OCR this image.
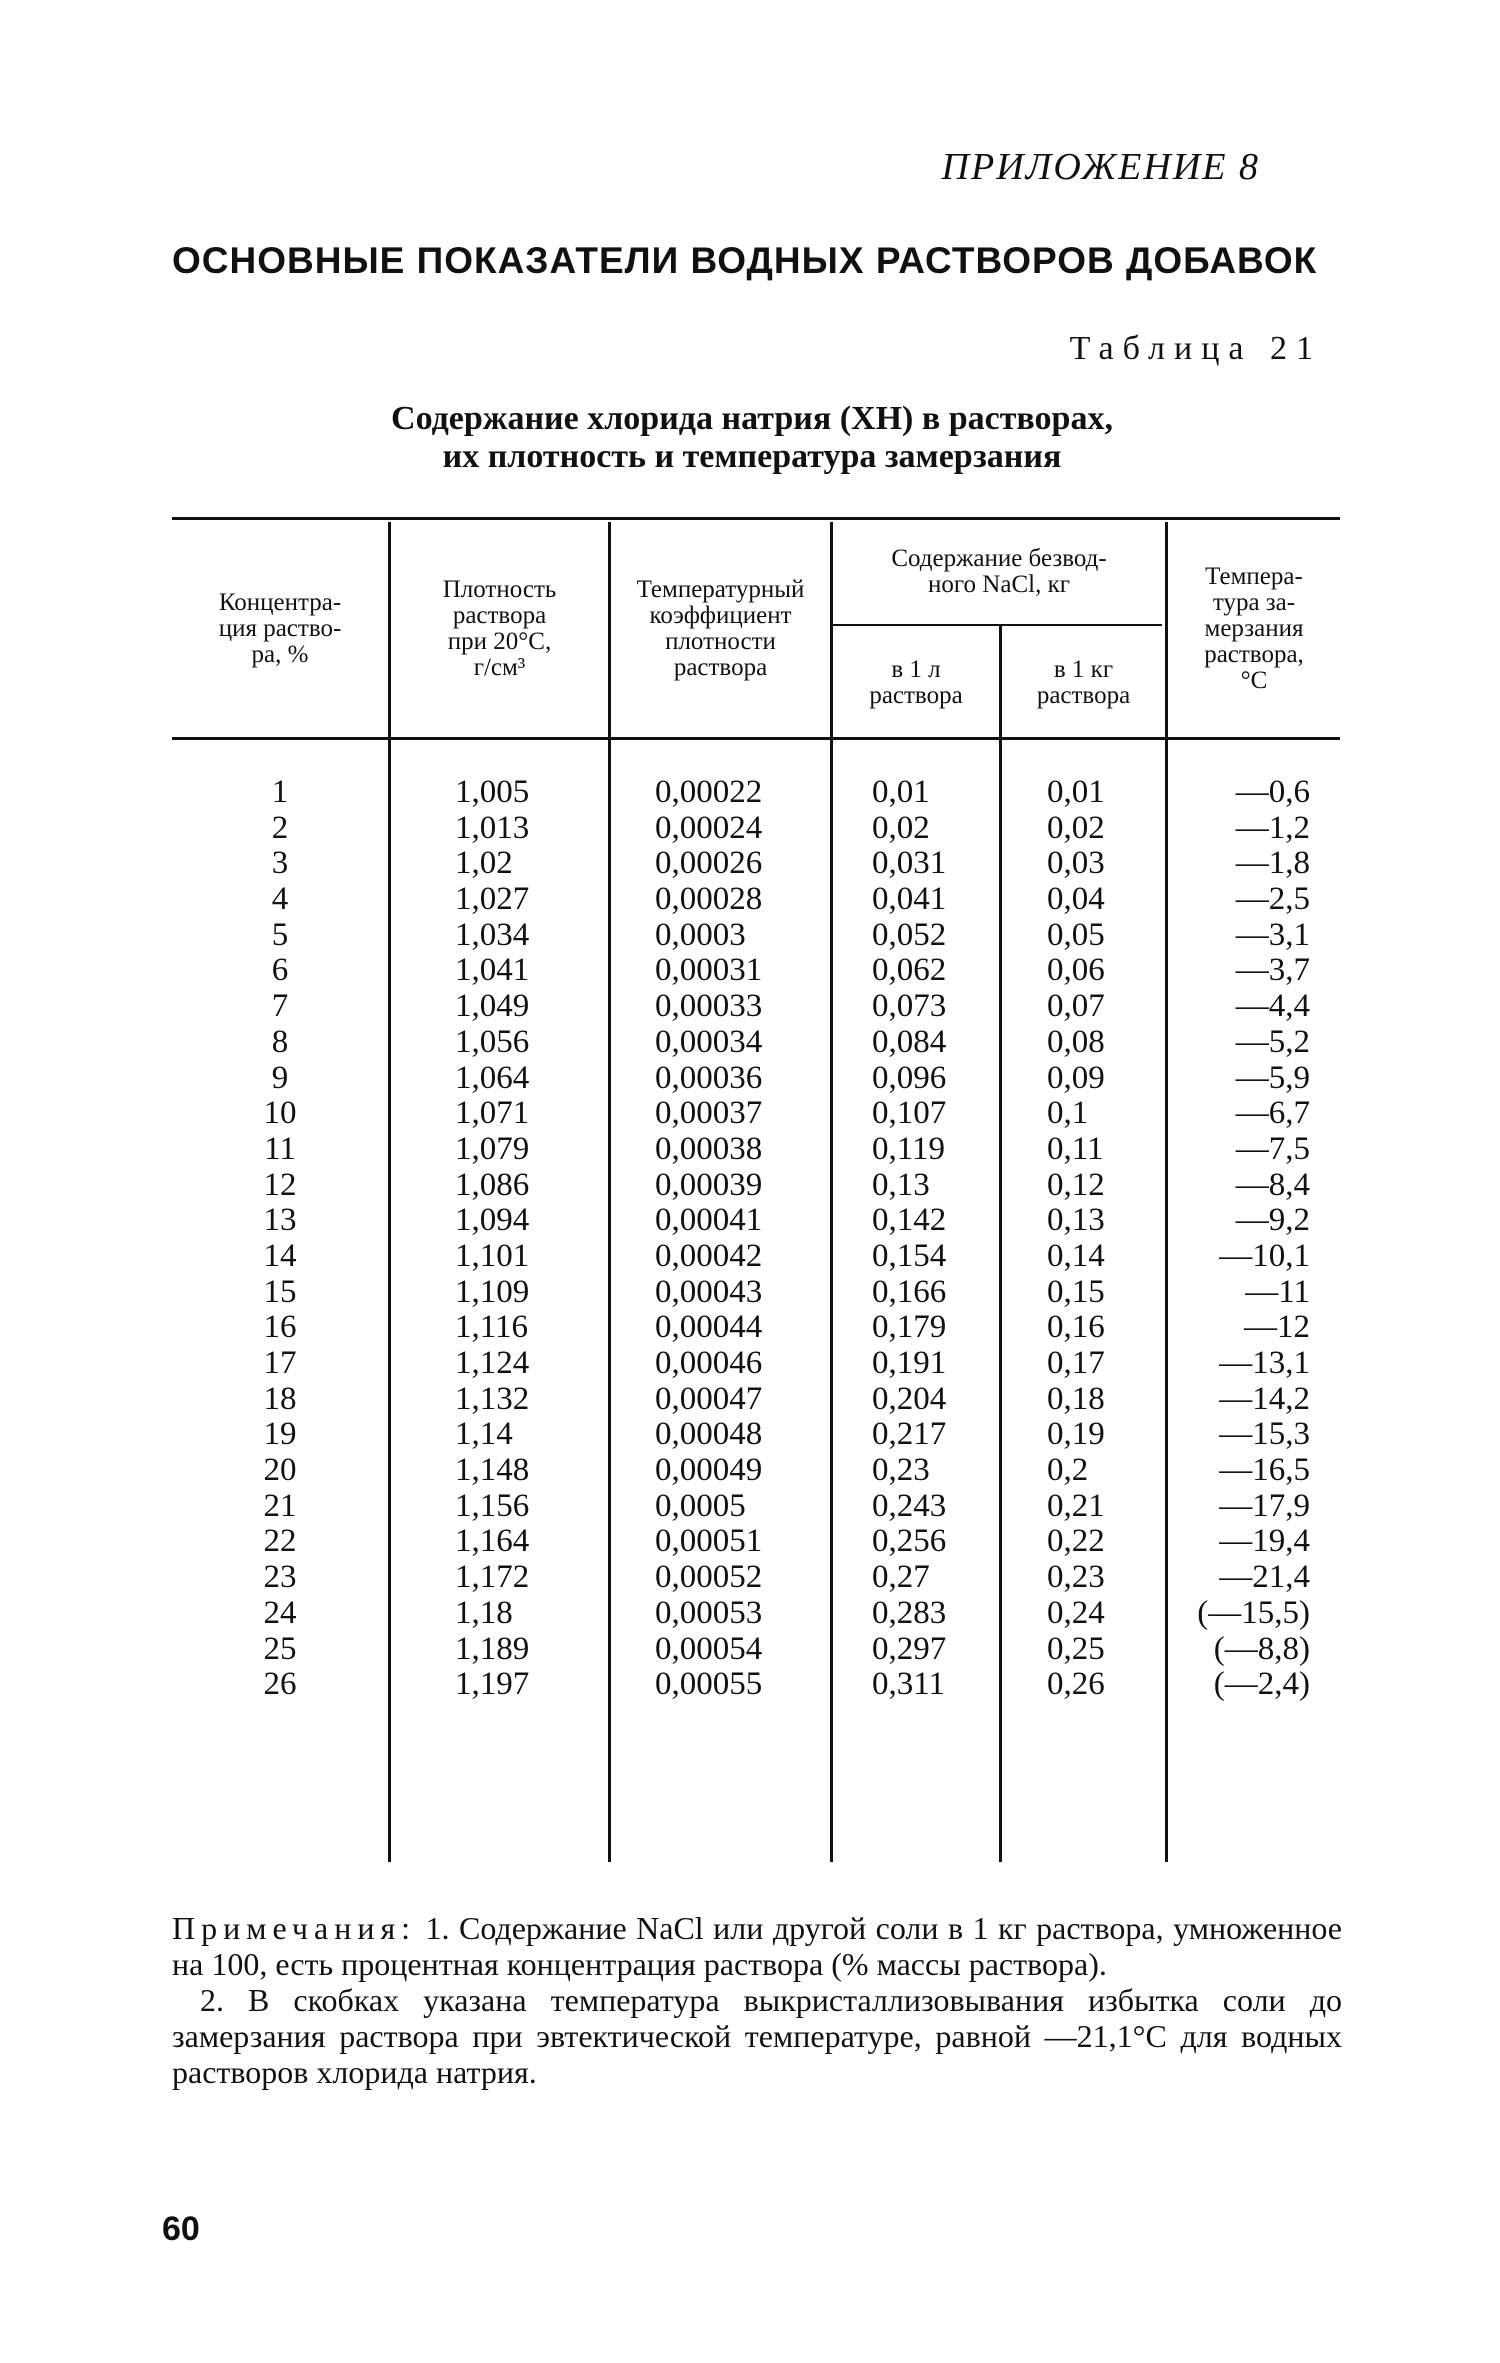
ПРИЛОЖЕНИЕ 8
ОСНОВНЫЕ ПОКАЗАТЕЛИ ВОДНЫХ РАСТВОРОВ ДОБАВОК
Таблица 21
Содержание хлорида натрия (ХН) в растворах,
их плотность и температура замерзания
Концентра-
ция раство-
ра, %
Плотность
раствора
при 20°С,
г/см³
Температурный
коэффициент
плотности
раствора
Содержание безвод-
ного NaCl, кг
в 1 л
раствора
в 1 кг
раствора
Темпера-
тура за-
мерзания
раствора,
°С
1
2
3
4
5
6
7
8
9
10
11
12
13
14
15
16
17
18
19
20
21
22
23
24
25
26
1,005
1,013
1,02
1,027
1,034
1,041
1,049
1,056
1,064
1,071
1,079
1,086
1,094
1,101
1,109
1,116
1,124
1,132
1,14
1,148
1,156
1,164
1,172
1,18
1,189
1,197
0,00022
0,00024
0,00026
0,00028
0,0003
0,00031
0,00033
0,00034
0,00036
0,00037
0,00038
0,00039
0,00041
0,00042
0,00043
0,00044
0,00046
0,00047
0,00048
0,00049
0,0005
0,00051
0,00052
0,00053
0,00054
0,00055
0,01
0,02
0,031
0,041
0,052
0,062
0,073
0,084
0,096
0,107
0,119
0,13
0,142
0,154
0,166
0,179
0,191
0,204
0,217
0,23
0,243
0,256
0,27
0,283
0,297
0,311
0,01
0,02
0,03
0,04
0,05
0,06
0,07
0,08
0,09
0,1
0,11
0,12
0,13
0,14
0,15
0,16
0,17
0,18
0,19
0,2
0,21
0,22
0,23
0,24
0,25
0,26
—0,6
—1,2
—1,8
—2,5
—3,1
—3,7
—4,4
—5,2
—5,9
—6,7
—7,5
—8,4
—9,2
—10,1
—11
—12
—13,1
—14,2
—15,3
—16,5
—17,9
—19,4
—21,4
(—15,5)
(—8,8)
(—2,4)

Примечания: 1. Содержание NaCl или другой соли в 1 кг раствора, умноженное на 100, есть процентная концентрация раствора (% массы раствора).

2. В скобках указана температура выкристаллизовывания избытка соли до замерзания раствора при эвтектической температуре, равной —21,1°С для водных растворов хлорида натрия.

60
